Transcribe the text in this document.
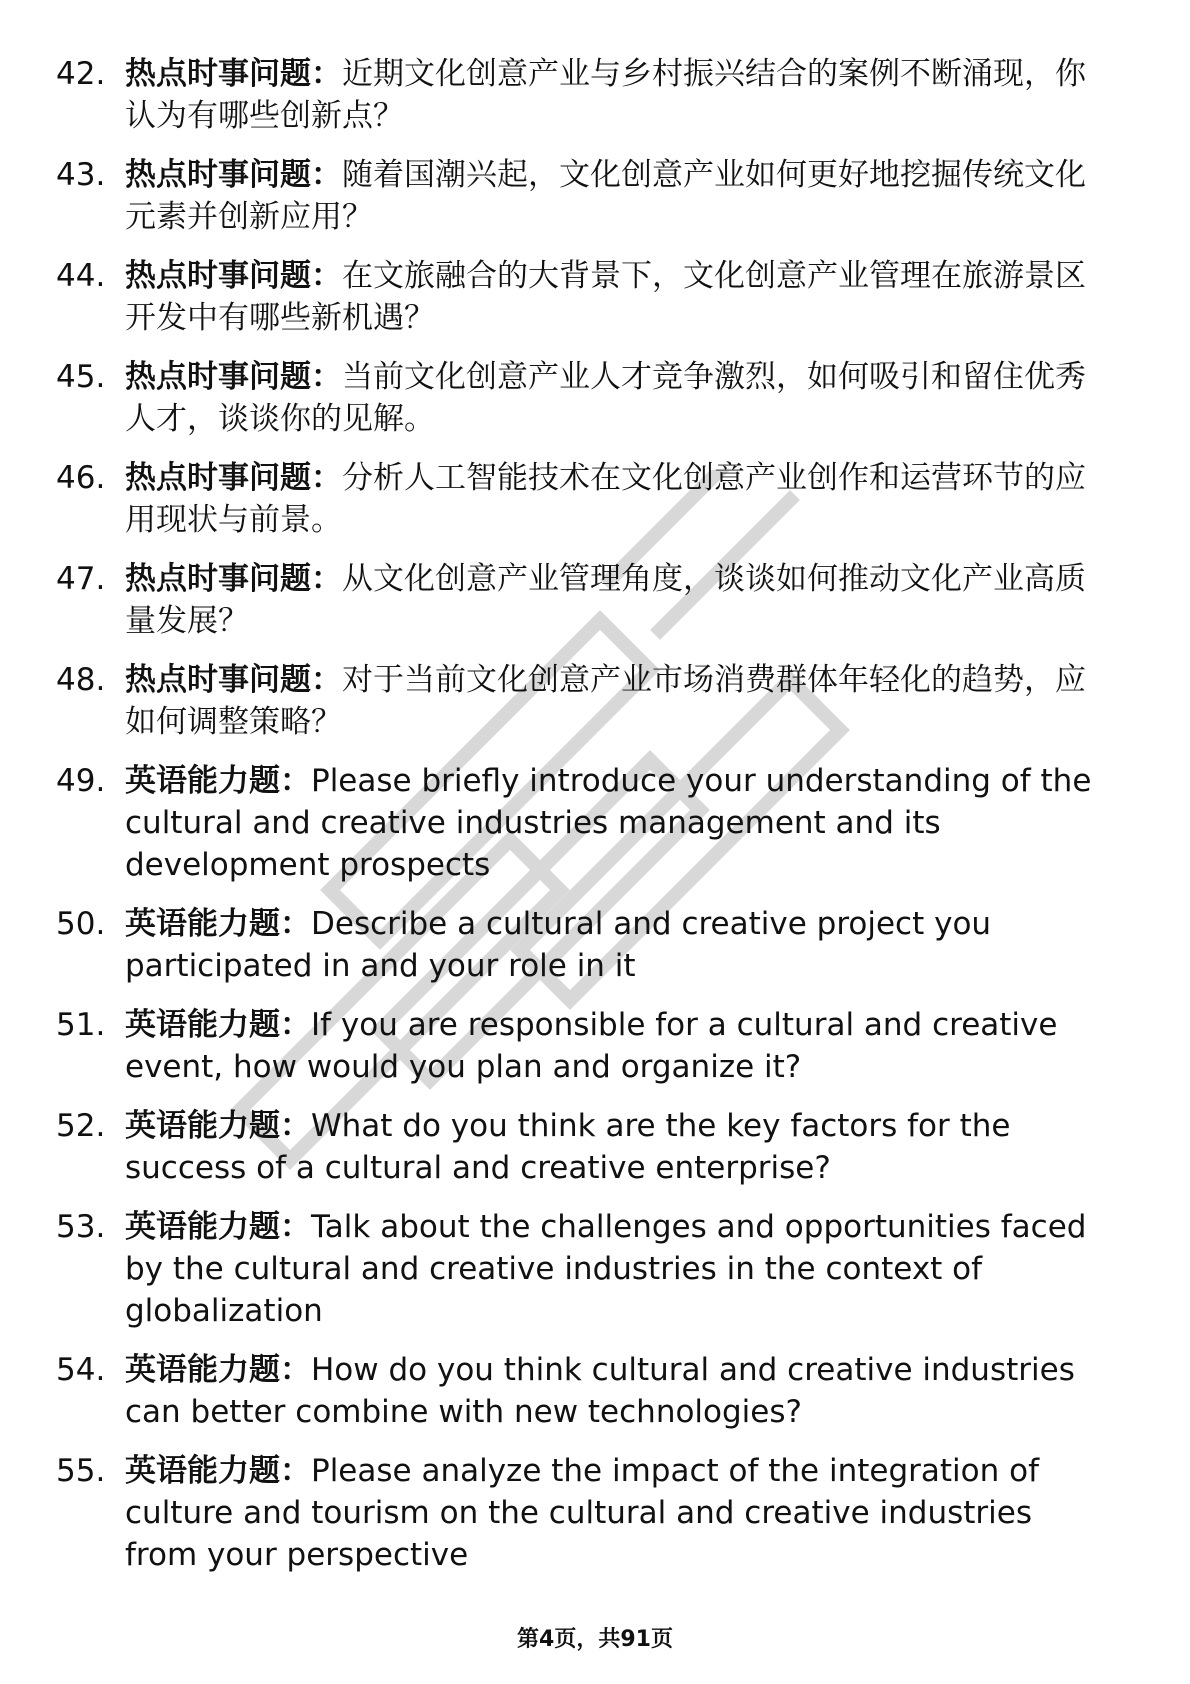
42. 热点时事问题：近期文化创意产业与乡村振兴结合的案例不断涌现，你认为有哪些创新点？
43. 热点时事问题：随着国潮兴起，文化创意产业如何更好地挖掘传统文化元素并创新应用？
44. 热点时事问题：在文旅融合的大背景下，文化创意产业管理在旅游景区开发中有哪些新机遇？
45. 热点时事问题：当前文化创意产业人才竞争激烈，如何吸引和留住优秀人才，谈谈你的见解。
46. 热点时事问题：分析人工智能技术在文化创意产业创作和运营环节的应用现状与前景。
47. 热点时事问题：从文化创意产业管理角度，谈谈如何推动文化产业高质量发展？
48. 热点时事问题：对于当前文化创意产业市场消费群体年轻化的趋势，应如何调整策略？
49. 英语能力题：Please briefly introduce your understanding of the cultural and creative industries management and its development prospects
50. 英语能力题：Describe a cultural and creative project you participated in and your role in it
51. 英语能力题：If you are responsible for a cultural and creative event, how would you plan and organize it?
52. 英语能力题：What do you think are the key factors for the success of a cultural and creative enterprise?
53. 英语能力题：Talk about the challenges and opportunities faced by the cultural and creative industries in the context of globalization
54. 英语能力题：How do you think cultural and creative industries can better combine with new technologies?
55. 英语能力题：Please analyze the impact of the integration of culture and tourism on the cultural and creative industries from your perspective
第4页，共91页
